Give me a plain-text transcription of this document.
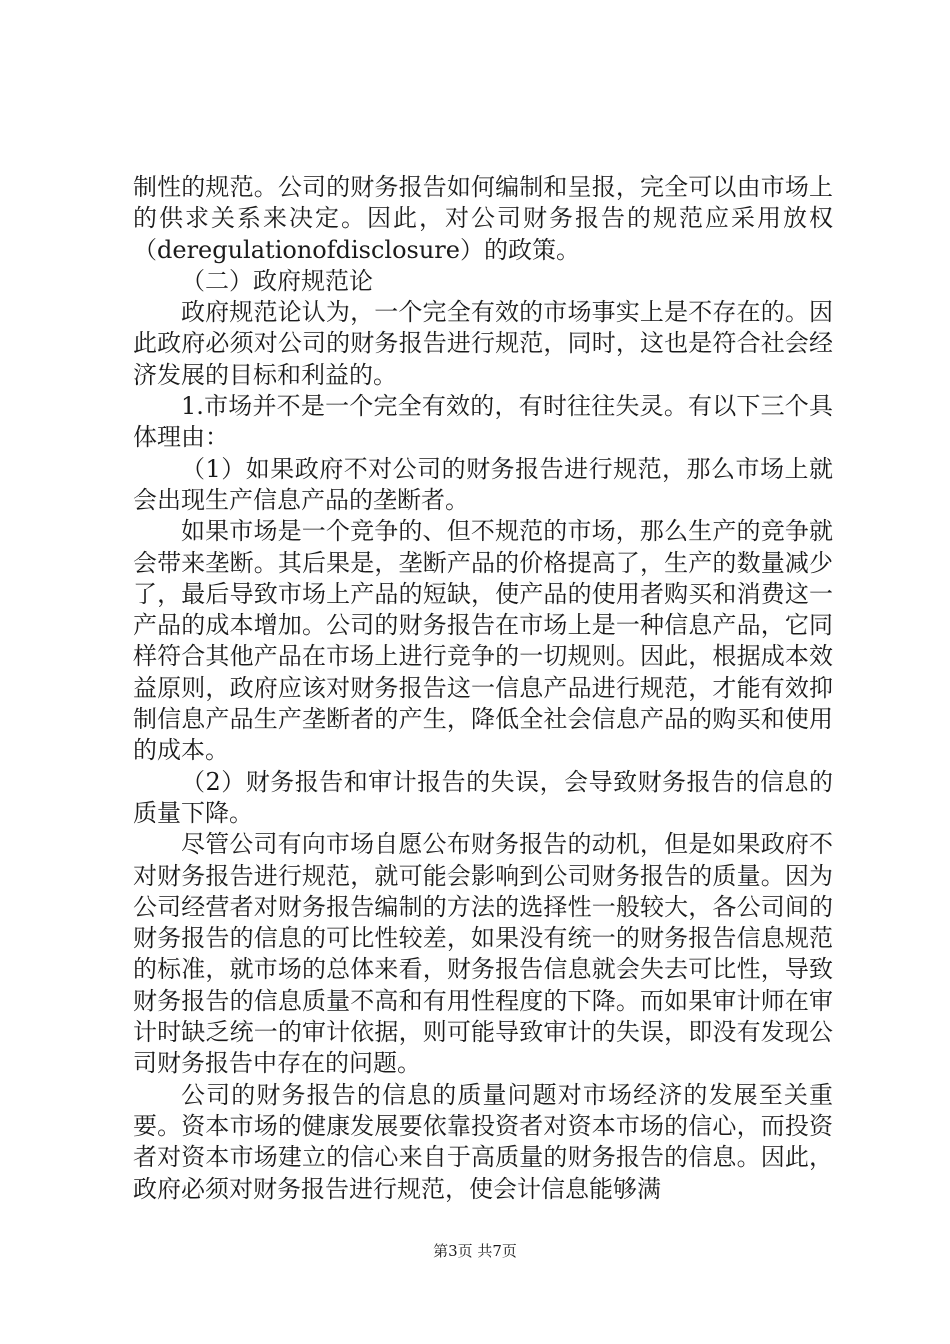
制性的规范。公司的财务报告如何编制和呈报，完全可以由市场上的供求关系来决定。因此，对公司财务报告的规范应采用放权（deregulationofdisclosure）的政策。

（二）政府规范论

政府规范论认为，一个完全有效的市场事实上是不存在的。因此政府必须对公司的财务报告进行规范，同时，这也是符合社会经济发展的目标和利益的。

1.市场并不是一个完全有效的，有时往往失灵。有以下三个具体理由：

（1）如果政府不对公司的财务报告进行规范，那么市场上就会出现生产信息产品的垄断者。

如果市场是一个竞争的、但不规范的市场，那么生产的竞争就会带来垄断。其后果是，垄断产品的价格提高了，生产的数量减少了，最后导致市场上产品的短缺，使产品的使用者购买和消费这一产品的成本增加。公司的财务报告在市场上是一种信息产品，它同样符合其他产品在市场上进行竞争的一切规则。因此，根据成本效益原则，政府应该对财务报告这一信息产品进行规范，才能有效抑制信息产品生产垄断者的产生，降低全社会信息产品的购买和使用的成本。

（2）财务报告和审计报告的失误，会导致财务报告的信息的质量下降。

尽管公司有向市场自愿公布财务报告的动机，但是如果政府不对财务报告进行规范，就可能会影响到公司财务报告的质量。因为公司经营者对财务报告编制的方法的选择性一般较大，各公司间的财务报告的信息的可比性较差，如果没有统一的财务报告信息规范的标准，就市场的总体来看，财务报告信息就会失去可比性，导致财务报告的信息质量不高和有用性程度的下降。而如果审计师在审计时缺乏统一的审计依据，则可能导致审计的失误，即没有发现公司财务报告中存在的问题。

公司的财务报告的信息的质量问题对市场经济的发展至关重要。资本市场的健康发展要依靠投资者对资本市场的信心，而投资者对资本市场建立的信心来自于高质量的财务报告的信息。因此，政府必须对财务报告进行规范，使会计信息能够满

第3页 共7页
